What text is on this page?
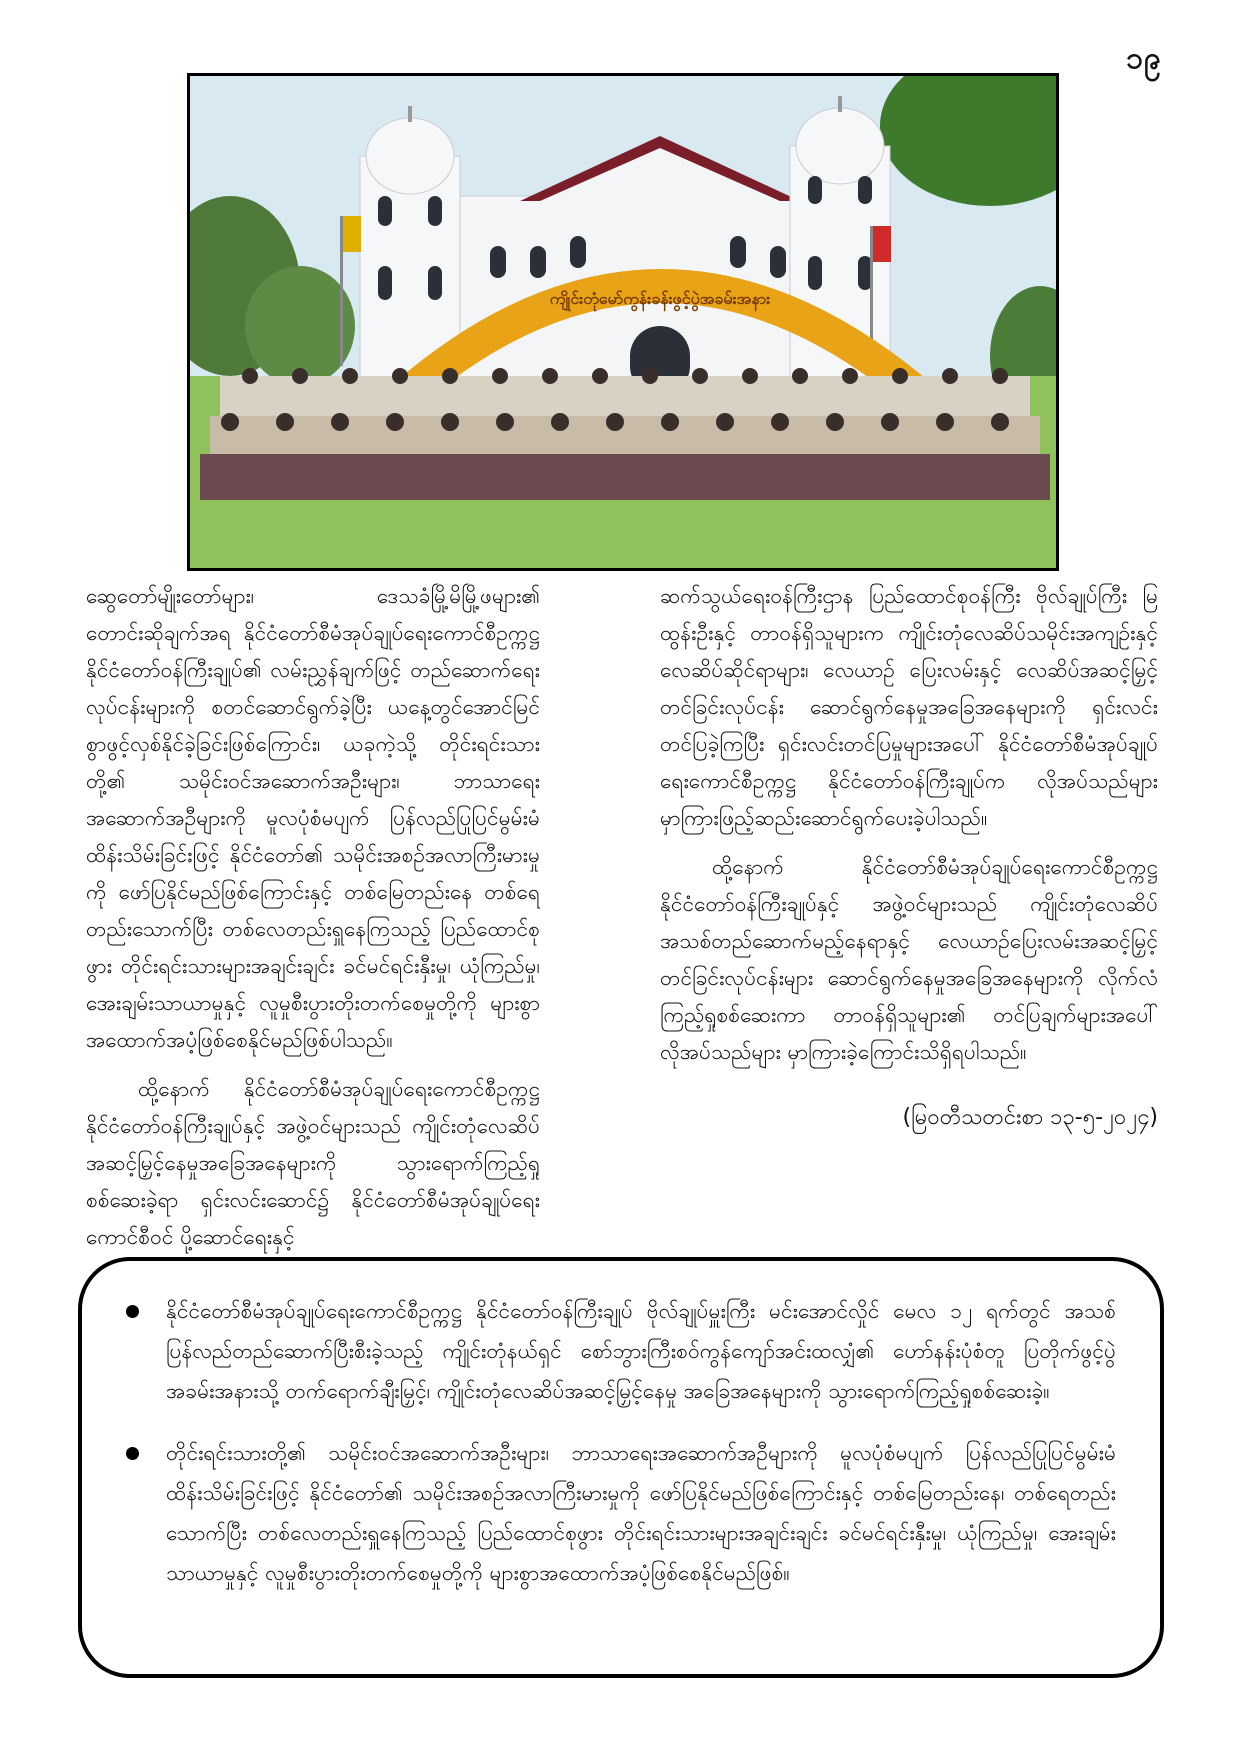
၁၉
ကျိုင်းတုံမော်ကွန်းခန်းဖွင့်ပွဲအခမ်းအနား

ဆွေတော်မျိုးတော်များ၊ ဒေသခံမြို့မိမြို့ဖများ၏ တောင်းဆိုချက်အရ နိုင်ငံတော်စီမံအုပ်ချုပ်ရေးကောင်စီဥက္ကဋ္ဌ နိုင်ငံတော်ဝန်ကြီးချုပ်၏ လမ်းညွှန်ချက်ဖြင့် တည်ဆောက်ရေးလုပ်ငန်းများကို စတင်ဆောင်ရွက်ခဲ့ပြီး ယနေ့တွင်အောင်မြင်စွာဖွင့်လှစ်နိုင်ခဲ့ခြင်းဖြစ်ကြောင်း၊ ယခုကဲ့သို့ တိုင်းရင်းသားတို့၏ သမိုင်းဝင်အဆောက်အဦးများ၊ ဘာသာရေးအဆောက်အဦများကို မူလပုံစံမပျက် ပြန်လည်ပြုပြင်မွမ်းမံထိန်းသိမ်းခြင်းဖြင့် နိုင်ငံတော်၏ သမိုင်းအစဉ်အလာကြီးမားမှုကို ဖော်ပြနိုင်မည်ဖြစ်ကြောင်းနှင့် တစ်မြေတည်းနေ တစ်ရေတည်းသောက်ပြီး တစ်လေတည်းရှူနေကြသည့် ပြည်ထောင်စုဖွား တိုင်းရင်းသားများအချင်းချင်း ခင်မင်ရင်းနှီးမှု၊ ယုံကြည်မှု၊ အေးချမ်းသာယာမှုနှင့် လူမှုစီးပွားတိုးတက်စေမှုတို့ကို များစွာအထောက်အပံ့ဖြစ်စေနိုင်မည်ဖြစ်ပါသည်။

ထို့နောက် နိုင်ငံတော်စီမံအုပ်ချုပ်ရေးကောင်စီဥက္ကဋ္ဌ နိုင်ငံတော်ဝန်ကြီးချုပ်နှင့် အဖွဲ့ဝင်များသည် ကျိုင်းတုံလေဆိပ်အဆင့်မြှင့်နေမှုအခြေအနေများကို သွားရောက်ကြည့်ရှုစစ်ဆေးခဲ့ရာ ရှင်းလင်းဆောင်၌ နိုင်ငံတော်စီမံအုပ်ချုပ်ရေးကောင်စီဝင် ပို့ဆောင်ရေးနှင့်

ဆက်သွယ်ရေးဝန်ကြီးဌာန ပြည်ထောင်စုဝန်ကြီး ဗိုလ်ချုပ်ကြီး မြထွန်းဦးနှင့် တာဝန်ရှိသူများက ကျိုင်းတုံလေဆိပ်သမိုင်းအကျဉ်းနှင့် လေဆိပ်ဆိုင်ရာများ၊ လေယာဉ် ပြေးလမ်းနှင့် လေဆိပ်အဆင့်မြှင့်တင်ခြင်းလုပ်ငန်း ဆောင်ရွက်နေမှုအခြေအနေများကို ရှင်းလင်းတင်ပြခဲ့ကြပြီး ရှင်းလင်းတင်ပြမှုများအပေါ် နိုင်ငံတော်စီမံအုပ်ချုပ်ရေးကောင်စီဥက္ကဋ္ဌ နိုင်ငံတော်ဝန်ကြီးချုပ်က လိုအပ်သည်များမှာကြားဖြည့်ဆည်းဆောင်ရွက်ပေးခဲ့ပါသည်။

ထို့နောက် နိုင်ငံတော်စီမံအုပ်ချုပ်ရေးကောင်စီဥက္ကဋ္ဌ နိုင်ငံတော်ဝန်ကြီးချုပ်နှင့် အဖွဲ့ဝင်များသည် ကျိုင်းတုံလေဆိပ် အသစ်တည်ဆောက်မည့်နေရာနှင့် လေယာဉ်ပြေးလမ်းအဆင့်မြှင့်တင်ခြင်းလုပ်ငန်းများ ဆောင်ရွက်နေမှုအခြေအနေများကို လိုက်လံကြည့်ရှုစစ်ဆေးကာ တာဝန်ရှိသူများ၏ တင်ပြချက်များအပေါ် လိုအပ်သည်များ မှာကြားခဲ့ကြောင်းသိရှိရပါသည်။

(မြဝတီသတင်းစာ ၁၃-၅-၂၀၂၄)
နိုင်ငံတော်စီမံအုပ်ချုပ်ရေးကောင်စီဥက္ကဋ္ဌ နိုင်ငံတော်ဝန်ကြီးချုပ် ဗိုလ်ချုပ်မှူးကြီး မင်းအောင်လှိုင် မေလ ၁၂ ရက်တွင် အသစ်ပြန်လည်တည်ဆောက်ပြီးစီးခဲ့သည့် ကျိုင်းတုံနယ်ရှင် စော်ဘွားကြီးစဝ်ကွန်ကျော်အင်းထလျှံ၏ ဟော်နန်းပုံစံတူ ပြတိုက်ဖွင့်ပွဲအခမ်းအနားသို့ တက်ရောက်ချီးမြှင့်၊ ကျိုင်းတုံလေဆိပ်အဆင့်မြှင့်နေမှု အခြေအနေများကို သွားရောက်ကြည့်ရှုစစ်ဆေးခဲ့။
တိုင်းရင်းသားတို့၏ သမိုင်းဝင်အဆောက်အဦးများ၊ ဘာသာရေးအဆောက်အဦများကို မူလပုံစံမပျက် ပြန်လည်ပြုပြင်မွမ်းမံထိန်းသိမ်းခြင်းဖြင့် နိုင်ငံတော်၏ သမိုင်းအစဉ်အလာကြီးမားမှုကို ဖော်ပြနိုင်မည်ဖြစ်ကြောင်းနှင့် တစ်မြေတည်းနေ၊ တစ်ရေတည်းသောက်ပြီး တစ်လေတည်းရှူနေကြသည့် ပြည်ထောင်စုဖွား တိုင်းရင်းသားများအချင်းချင်း ခင်မင်ရင်းနှီးမှု၊ ယုံကြည်မှု၊ အေးချမ်းသာယာမှုနှင့် လူမှုစီးပွားတိုးတက်စေမှုတို့ကို များစွာအထောက်အပံ့ဖြစ်စေနိုင်မည်ဖြစ်။
